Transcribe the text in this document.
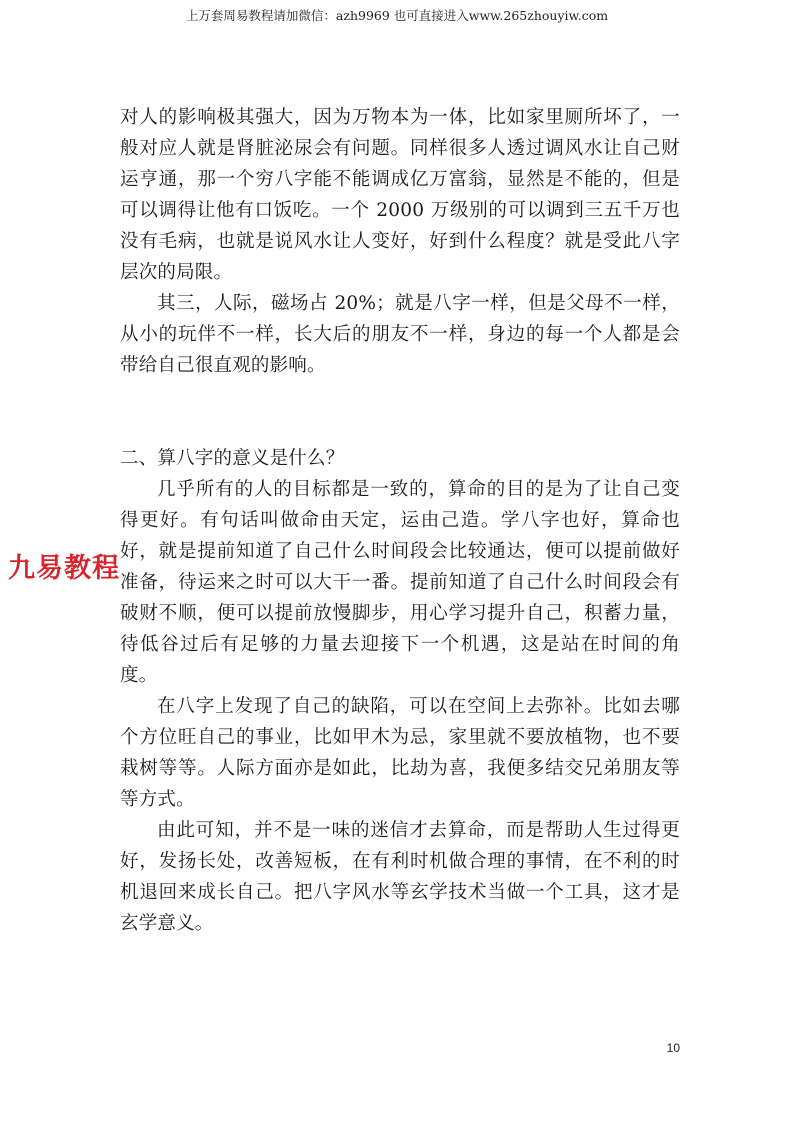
上万套周易教程请加微信：azh9969 也可直接进入www.265zhouyiw.com

对人的影响极其强大，因为万物本为一体，比如家里厕所坏了，一般对应人就是肾脏泌尿会有问题。同样很多人透过调风水让自己财运亨通，那一个穷八字能不能调成亿万富翁，显然是不能的，但是可以调得让他有口饭吃。一个 2000 万级别的可以调到三五千万也没有毛病，也就是说风水让人变好，好到什么程度？就是受此八字层次的局限。

其三，人际，磁场占 20%；就是八字一样，但是父母不一样，从小的玩伴不一样，长大后的朋友不一样，身边的每一个人都是会带给自己很直观的影响。

二、算八字的意义是什么？

几乎所有的人的目标都是一致的，算命的目的是为了让自己变得更好。有句话叫做命由天定，运由己造。学八字也好，算命也好，就是提前知道了自己什么时间段会比较通达，便可以提前做好准备，待运来之时可以大干一番。提前知道了自己什么时间段会有破财不顺，便可以提前放慢脚步，用心学习提升自己，积蓄力量，待低谷过后有足够的力量去迎接下一个机遇，这是站在时间的角度。

在八字上发现了自己的缺陷，可以在空间上去弥补。比如去哪个方位旺自己的事业，比如甲木为忌，家里就不要放植物，也不要栽树等等。人际方面亦是如此，比劫为喜，我便多结交兄弟朋友等等方式。

由此可知，并不是一味的迷信才去算命，而是帮助人生过得更好，发扬长处，改善短板，在有利时机做合理的事情，在不利的时机退回来成长自己。把八字风水等玄学技术当做一个工具，这才是玄学意义。

九易教程
10
